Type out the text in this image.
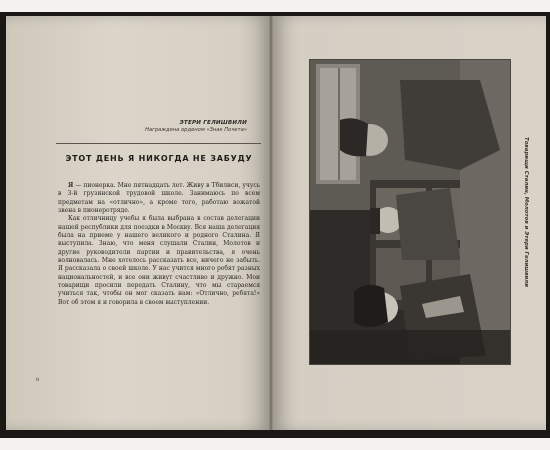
ЭТЕРИ ГЕЛИШВИЛИ
Награждена орденом «Знак Почета»
ЭТОТ ДЕНЬ Я НИКОГДА НЕ ЗАБУДУ

Я — пионерка. Мне пятнадцать лет. Живу в Тбилиси, учусь в 3-й грузинской трудовой школе. Занимаюсь по всем предметам на «отлично», а кроме того, работаю вожатой звена в пионеротряде.

Как отличницу учебы я была выбрана в состав делегации нашей республики для поездки в Москву. Вся наша делегация была на приеме у нашего великого и родного Сталина. Я выступила. Знаю, что меня слушали Сталин, Молотов и другие руководители партии и правительства, я очень волновалась. Мне хотелось рассказать все, ничего не забыть. Я рассказала о своей школе. У нас учится много ребят разных национальностей, и все они живут счастливо и дружно. Мои товарищи просили передать Сталину, что мы стараемся учиться так, чтобы он мог сказать нам: «Отлично, ребята!» Вот об этом я и говорила в своем выступлении.

8
Товарищи Сталин, Молотов и Этери Гелишвили
